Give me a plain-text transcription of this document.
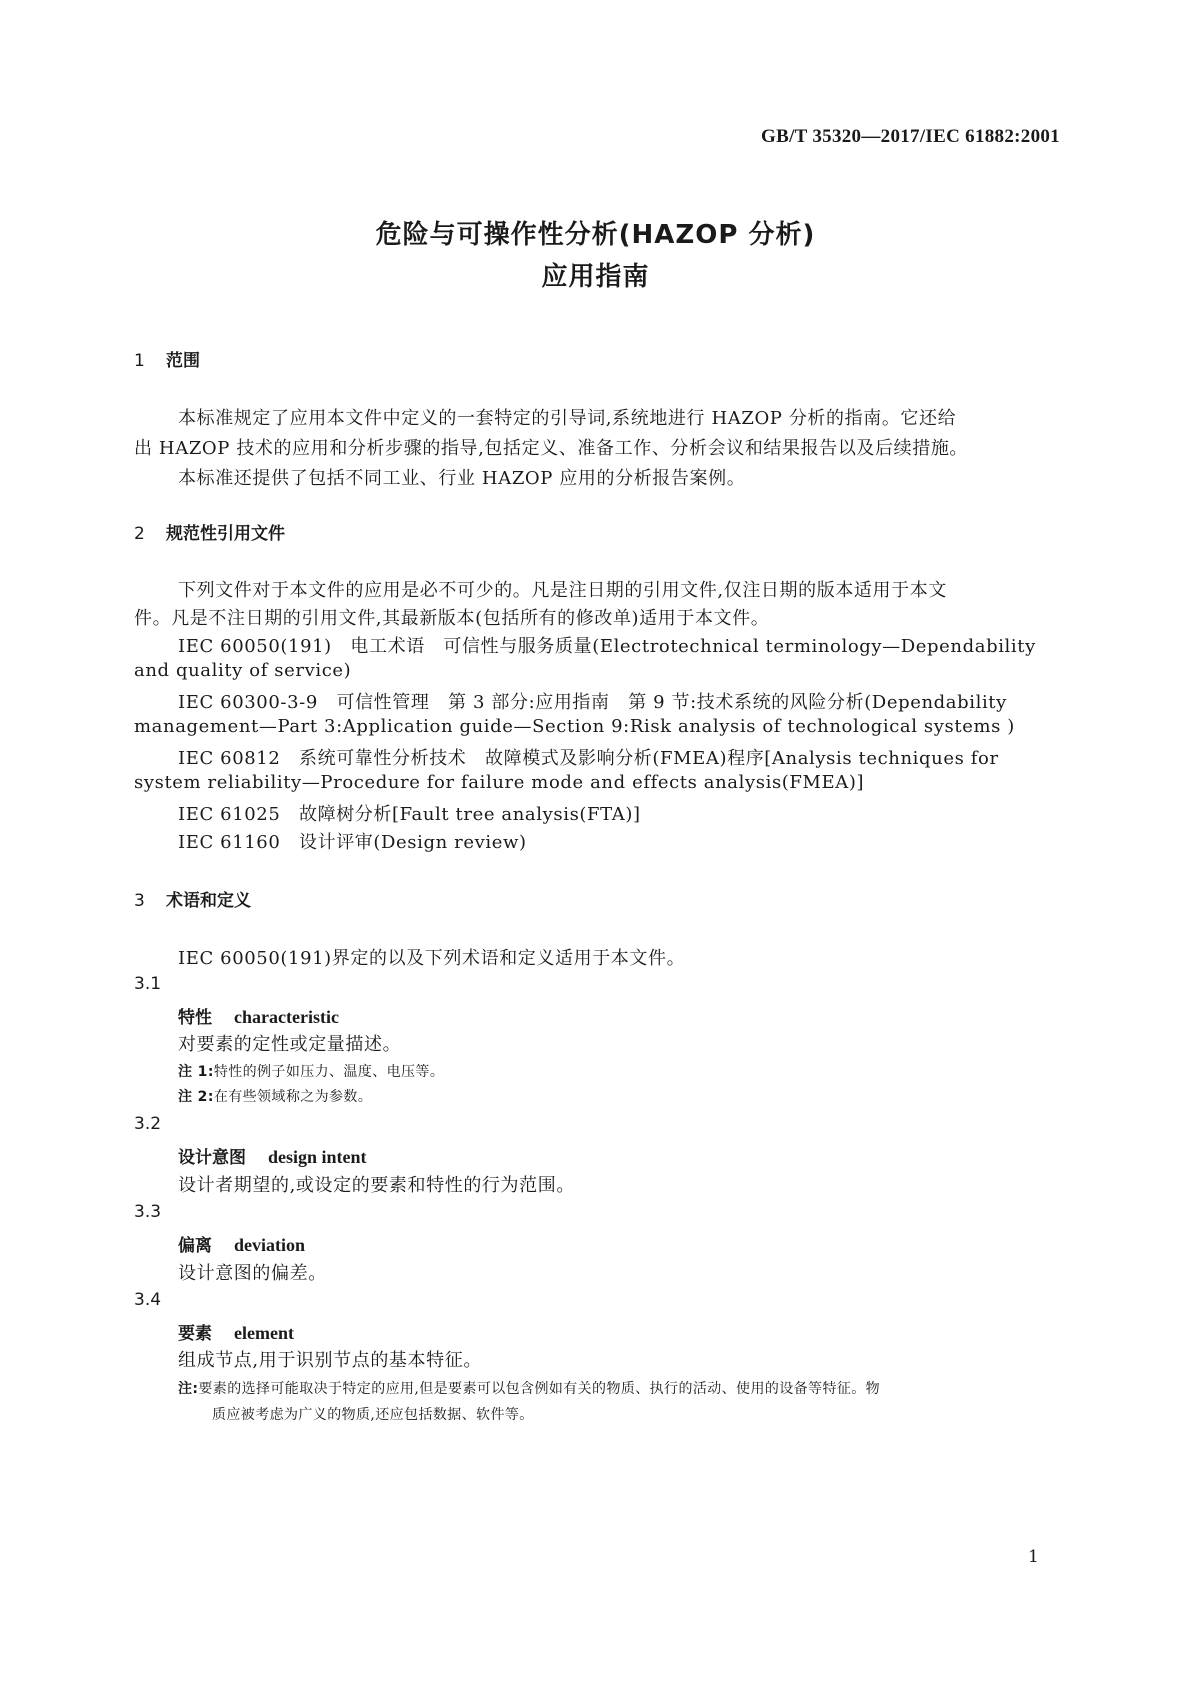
GB/T 35320—2017/IEC 61882:2001
危险与可操作性分析(HAZOP 分析)
应用指南
1 范围
本标准规定了应用本文件中定义的一套特定的引导词,系统地进行 HAZOP 分析的指南。它还给
出 HAZOP 技术的应用和分析步骤的指导,包括定义、准备工作、分析会议和结果报告以及后续措施。
本标准还提供了包括不同工业、行业 HAZOP 应用的分析报告案例。
2 规范性引用文件
下列文件对于本文件的应用是必不可少的。凡是注日期的引用文件,仅注日期的版本适用于本文
件。凡是不注日期的引用文件,其最新版本(包括所有的修改单)适用于本文件。
IEC 60050(191)　电工术语　可信性与服务质量(Electrotechnical terminology—Dependability
and quality of service)
IEC 60300-3-9　可信性管理　第 3 部分:应用指南　第 9 节:技术系统的风险分析(Dependability
management—Part 3:Application guide—Section 9:Risk analysis of technological systems )
IEC 60812　系统可靠性分析技术　故障模式及影响分析(FMEA)程序[Analysis techniques for
system reliability—Procedure for failure mode and effects analysis(FMEA)]
IEC 61025　故障树分析[Fault tree analysis(FTA)]
IEC 61160　设计评审(Design review)
3 术语和定义
IEC 60050(191)界定的以及下列术语和定义适用于本文件。
3.1
特性 characteristic
对要素的定性或定量描述。
注 1:特性的例子如压力、温度、电压等。
注 2:在有些领域称之为参数。
3.2
设计意图 design intent
设计者期望的,或设定的要素和特性的行为范围。
3.3
偏离 deviation
设计意图的偏差。
3.4
要素 element
组成节点,用于识别节点的基本特征。
注:要素的选择可能取决于特定的应用,但是要素可以包含例如有关的物质、执行的活动、使用的设备等特征。物
质应被考虑为广义的物质,还应包括数据、软件等。
1
